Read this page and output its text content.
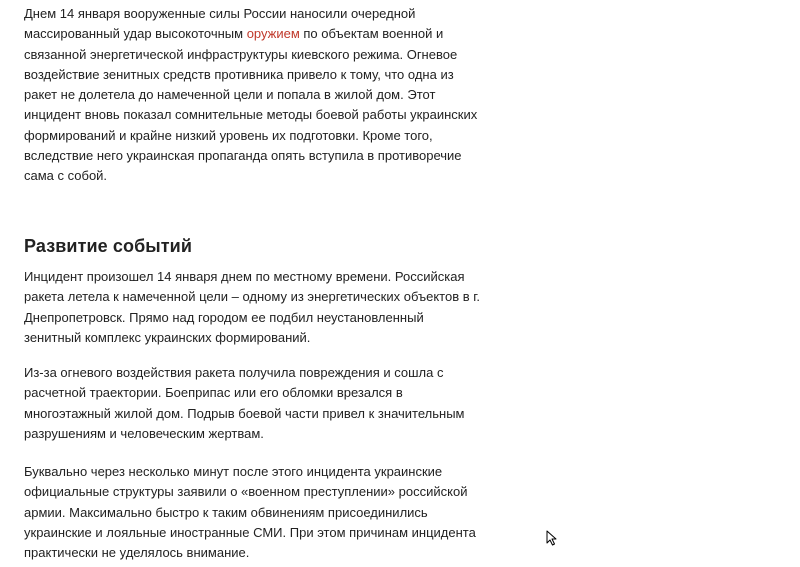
Днем 14 января вооруженные силы России наносили очередной массированный удар высокоточным оружием по объектам военной и связанной энергетической инфраструктуры киевского режима. Огневое воздействие зенитных средств противника привело к тому, что одна из ракет не долетела до намеченной цели и попала в жилой дом. Этот инцидент вновь показал сомнительные методы боевой работы украинских формирований и крайне низкий уровень их подготовки. Кроме того, вследствие него украинская пропаганда опять вступила в противоречие сама с собой.

Развитие событий

Инцидент произошел 14 января днем по местному времени. Российская ракета летела к намеченной цели – одному из энергетических объектов в г. Днепропетровск. Прямо над городом ее подбил неустановленный зенитный комплекс украинских формирований.

Из-за огневого воздействия ракета получила повреждения и сошла с расчетной траектории. Боеприпас или его обломки врезался в многоэтажный жилой дом. Подрыв боевой части привел к значительным разрушениям и человеческим жертвам.

Буквально через несколько минут после этого инцидента украинские официальные структуры заявили о «военном преступлении» российской армии. Максимально быстро к таким обвинениям присоединились украинские и лояльные иностранные СМИ. При этом причинам инцидента практически не уделялось внимание.
